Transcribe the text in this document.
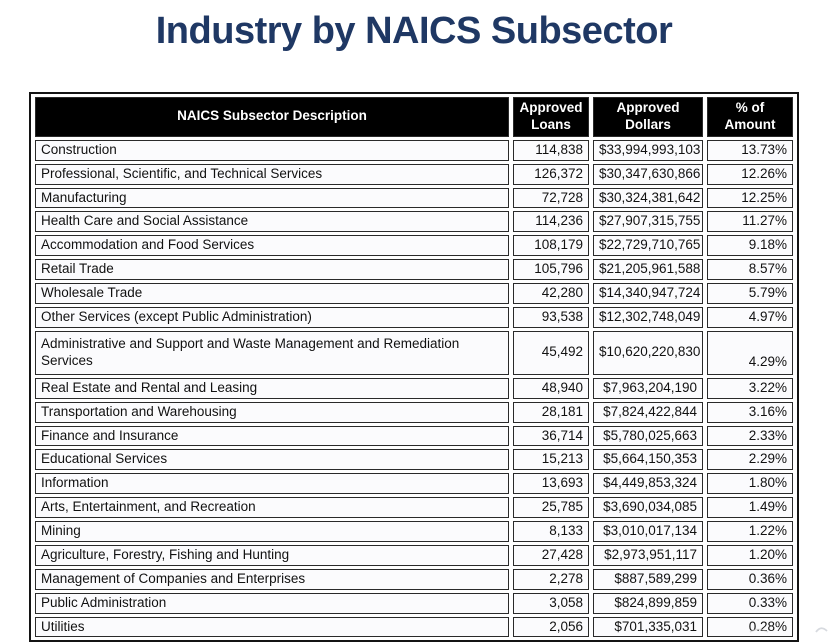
Industry by NAICS Subsector
NAICS Subsector Description	Approved Loans	Approved Dollars	% of Amount
Construction	114,838	$33,994,993,103	13.73%
Professional, Scientific, and Technical Services	126,372	$30,347,630,866	12.26%
Manufacturing	72,728	$30,324,381,642	12.25%
Health Care and Social Assistance	114,236	$27,907,315,755	11.27%
Accommodation and Food Services	108,179	$22,729,710,765	9.18%
Retail Trade	105,796	$21,205,961,588	8.57%
Wholesale Trade	42,280	$14,340,947,724	5.79%
Other Services (except Public Administration)	93,538	$12,302,748,049	4.97%
Administrative and Support and Waste Management and Remediation Services	45,492	$10,620,220,830	4.29%
Real Estate and Rental and Leasing	48,940	$7,963,204,190	3.22%
Transportation and Warehousing	28,181	$7,824,422,844	3.16%
Finance and Insurance	36,714	$5,780,025,663	2.33%
Educational Services	15,213	$5,664,150,353	2.29%
Information	13,693	$4,449,853,324	1.80%
Arts, Entertainment, and Recreation	25,785	$3,690,034,085	1.49%
Mining	8,133	$3,010,017,134	1.22%
Agriculture, Forestry, Fishing and Hunting	27,428	$2,973,951,117	1.20%
Management of Companies and Enterprises	2,278	$887,589,299	0.36%
Public Administration	3,058	$824,899,859	0.33%
Utilities	2,056	$701,335,031	0.28%
